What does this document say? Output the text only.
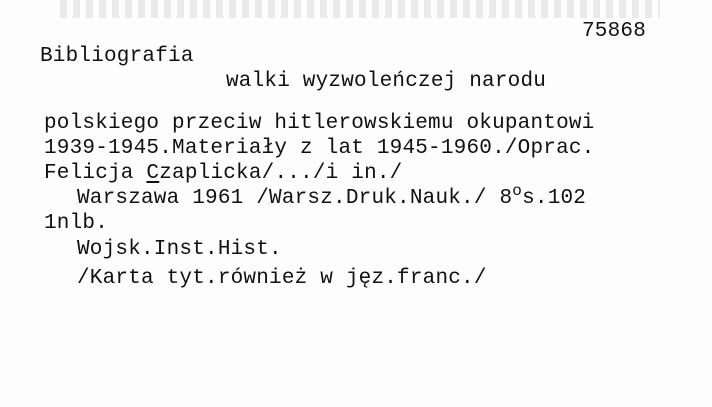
75868
Bibliografia
walki wyzwoleńczej narodu
polskiego przeciw hitlerowskiemu okupantowi
1939-1945.Materiały z lat 1945-1960./Oprac.
Felicja Czaplicka/.../i in./
Warszawa 1961 /Warsz.Druk.Nauk./ 8$^o$s.102
1nlb.
Wojsk.Inst.Hist.
/Karta tyt.również w jęz.franc./
